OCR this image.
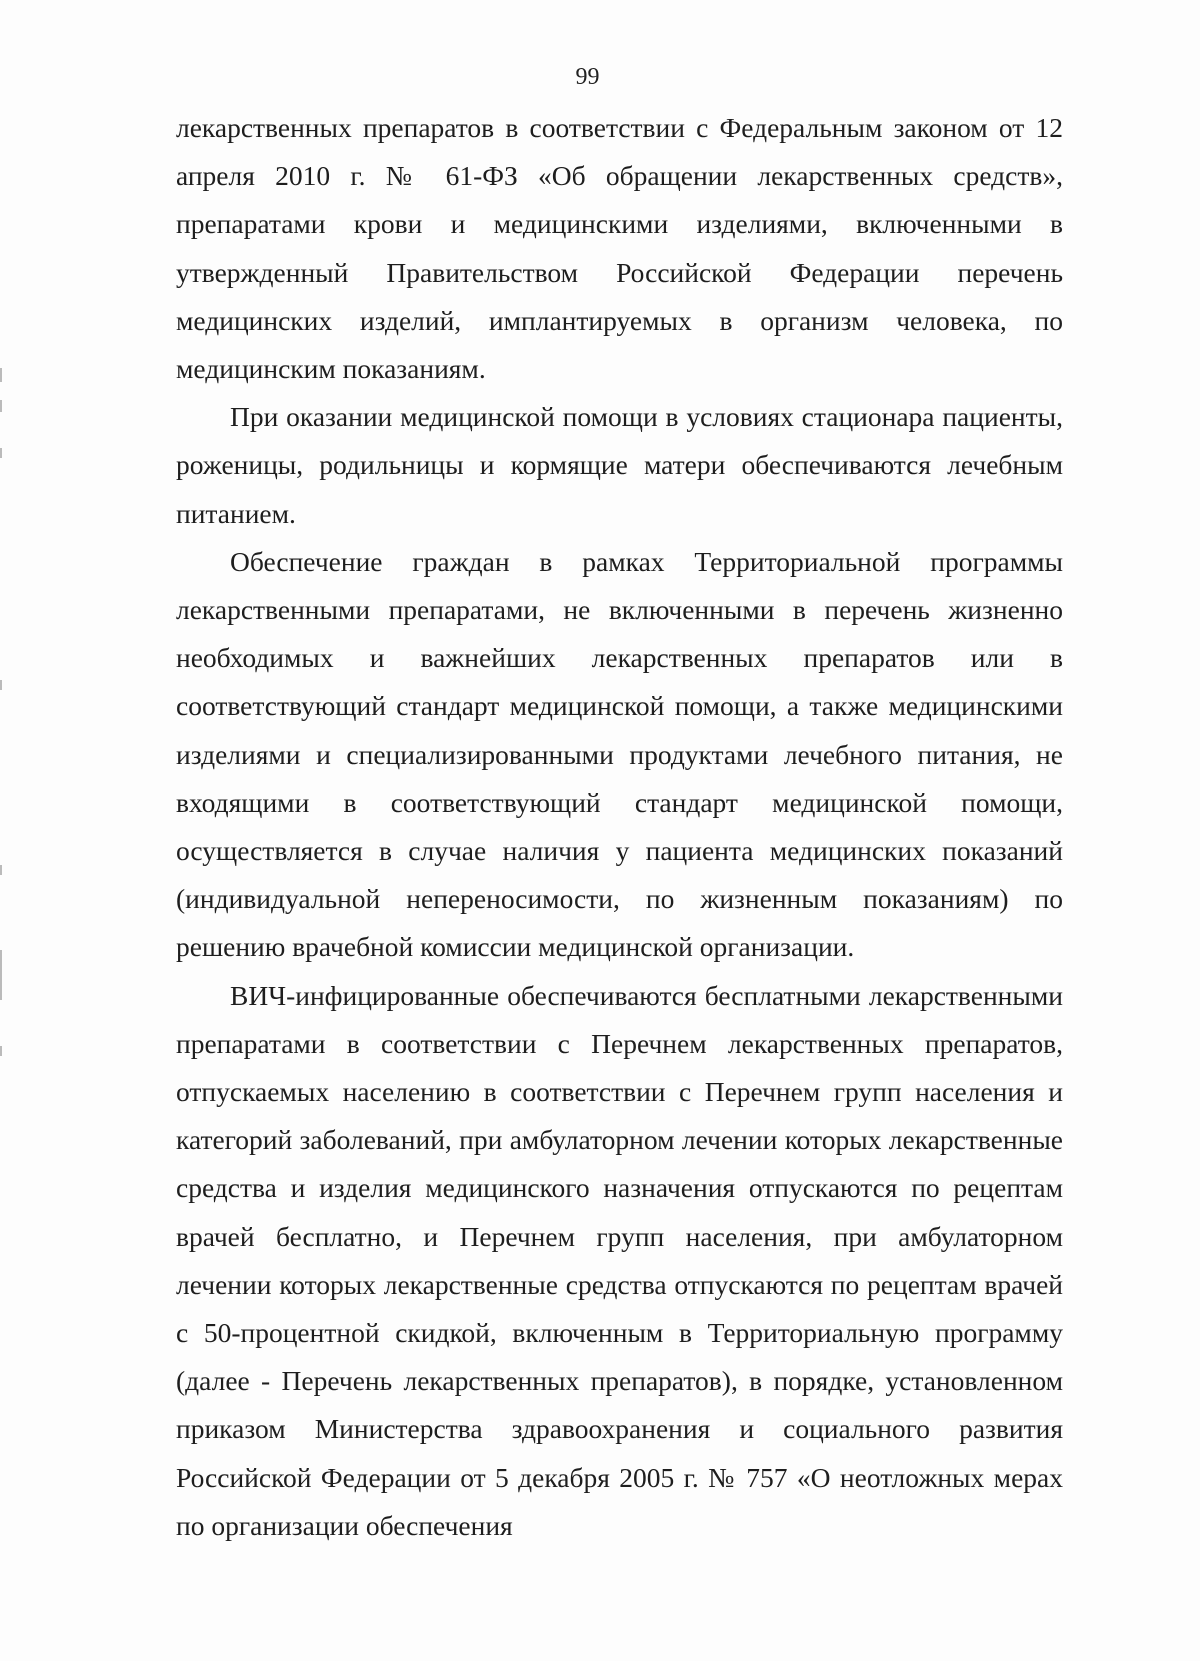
99

лекарственных препаратов в соответствии с Федеральным законом от 12 апреля 2010 г. № 61-ФЗ «Об обращении лекарственных средств», препаратами крови и медицинскими изделиями, включенными в утвержденный Правительством Российской Федерации перечень медицинских изделий, имплантируемых в организм человека, по медицинским показаниям.

При оказании медицинской помощи в условиях стационара пациенты, роженицы, родильницы и кормящие матери обеспечиваются лечебным питанием.

Обеспечение граждан в рамках Территориальной программы лекарственными препаратами, не включенными в перечень жизненно необходимых и важнейших лекарственных препаратов или в соответствующий стандарт медицинской помощи, а также медицинскими изделиями и специализированными продуктами лечебного питания, не входящими в соответствующий стандарт медицинской помощи, осуществляется в случае наличия у пациента медицинских показаний (индивидуальной непереносимости, по жизненным показаниям) по решению врачебной комиссии медицинской организации.

ВИЧ-инфицированные обеспечиваются бесплатными лекарственными препаратами в соответствии с Перечнем лекарственных препаратов, отпускаемых населению в соответствии с Перечнем групп населения и категорий заболеваний, при амбулаторном лечении которых лекарственные средства и изделия медицинского назначения отпускаются по рецептам врачей бесплатно, и Перечнем групп населения, при амбулаторном лечении которых лекарственные средства отпускаются по рецептам врачей с 50-процентной скидкой, включенным в Территориальную программу (далее - Перечень лекарственных препаратов), в порядке, установленном приказом Министерства здравоохранения и социального развития Российской Федерации от 5 декабря 2005 г. № 757 «О неотложных мерах по организации обеспечения
